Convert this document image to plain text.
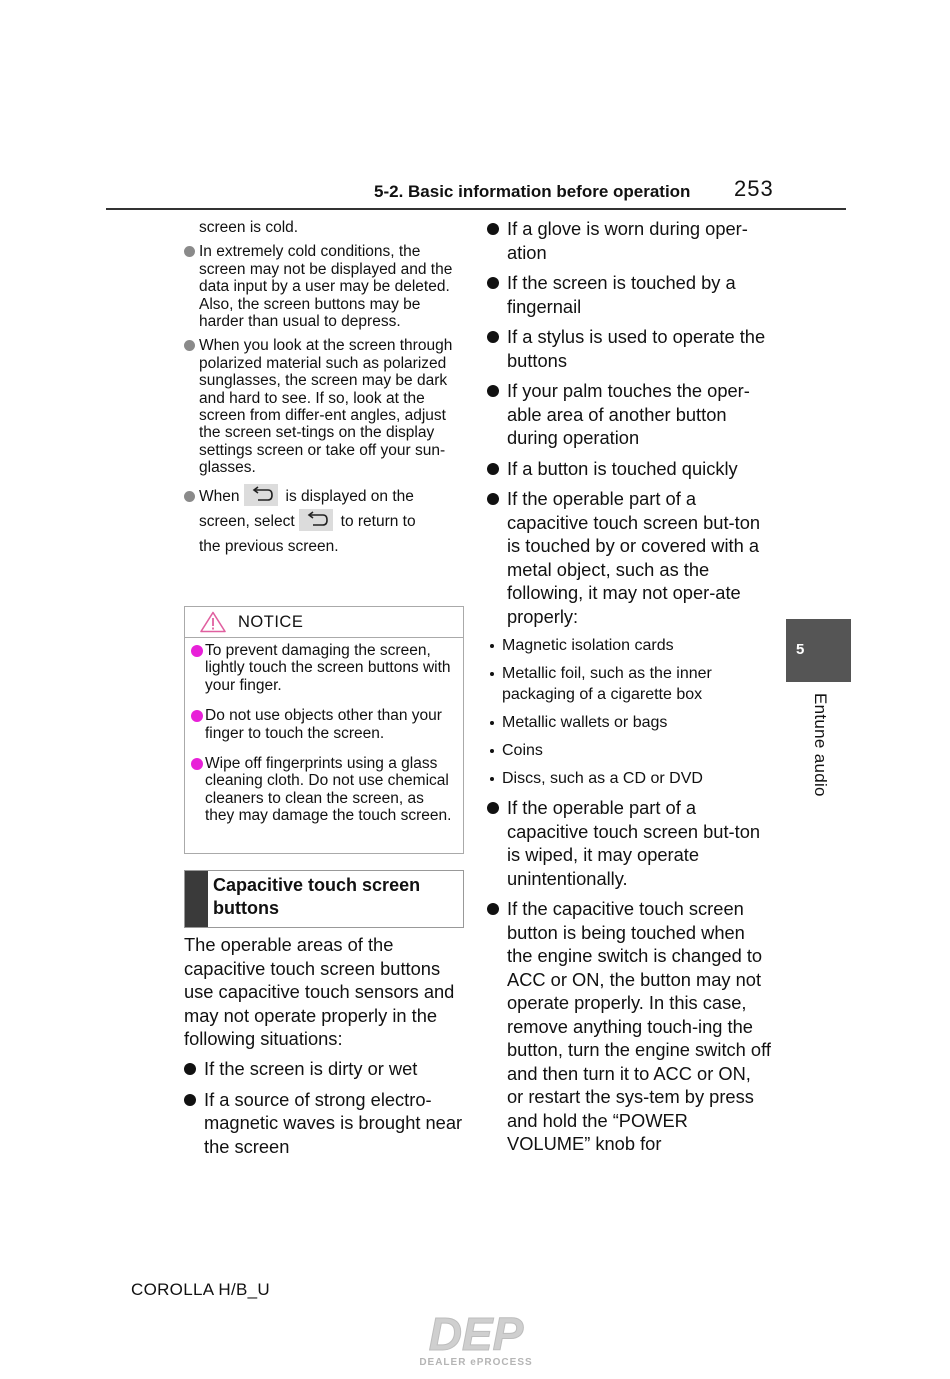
5-2. Basic information before operation 253
screen is cold.
In extremely cold conditions, the screen may not be displayed and the data input by a user may be deleted. Also, the screen buttons may be harder than usual to depress.
When you look at the screen through polarized material such as polarized sunglasses, the screen may be dark and hard to see. If so, look at the screen from differ-ent angles, adjust the screen set-tings on the display settings screen or take off your sun-glasses.
When	is displayed on the
screen, select	to return to
the previous screen.
NOTICE
To prevent damaging the screen, lightly touch the screen buttons with your finger.
Do not use objects other than your finger to touch the screen.
Wipe off fingerprints using a glass cleaning cloth. Do not use chemical cleaners to clean the screen, as they may damage the touch screen.
Capacitive touch screen buttons
The operable areas of the capacitive touch screen buttons use capacitive touch sensors and may not operate properly in the following situations:
If the screen is dirty or wet
If a source of strong electro-magnetic waves is brought near the screen
If a glove is worn during oper-ation
If the screen is touched by a fingernail
If a stylus is used to operate the buttons
If your palm touches the oper-able area of another button during operation
If a button is touched quickly
If the operable part of a capacitive touch screen but-ton is touched by or covered with a metal object, such as the following, it may not oper-ate properly:
Magnetic isolation cards
Metallic foil, such as the inner packaging of a cigarette box
Metallic wallets or bags
Coins
Discs, such as a CD or DVD
If the operable part of a capacitive touch screen but-ton is wiped, it may operate unintentionally.
If the capacitive touch screen button is being touched when the engine switch is changed to ACC or ON, the button may not operate properly. In this case, remove anything touch-ing the button, turn the engine switch off and then turn it to ACC or ON, or restart the sys-tem by press and hold the “POWER VOLUME” knob for
5
Entune audio
COROLLA H/B_U
DEP
DEALER ePROCESS
